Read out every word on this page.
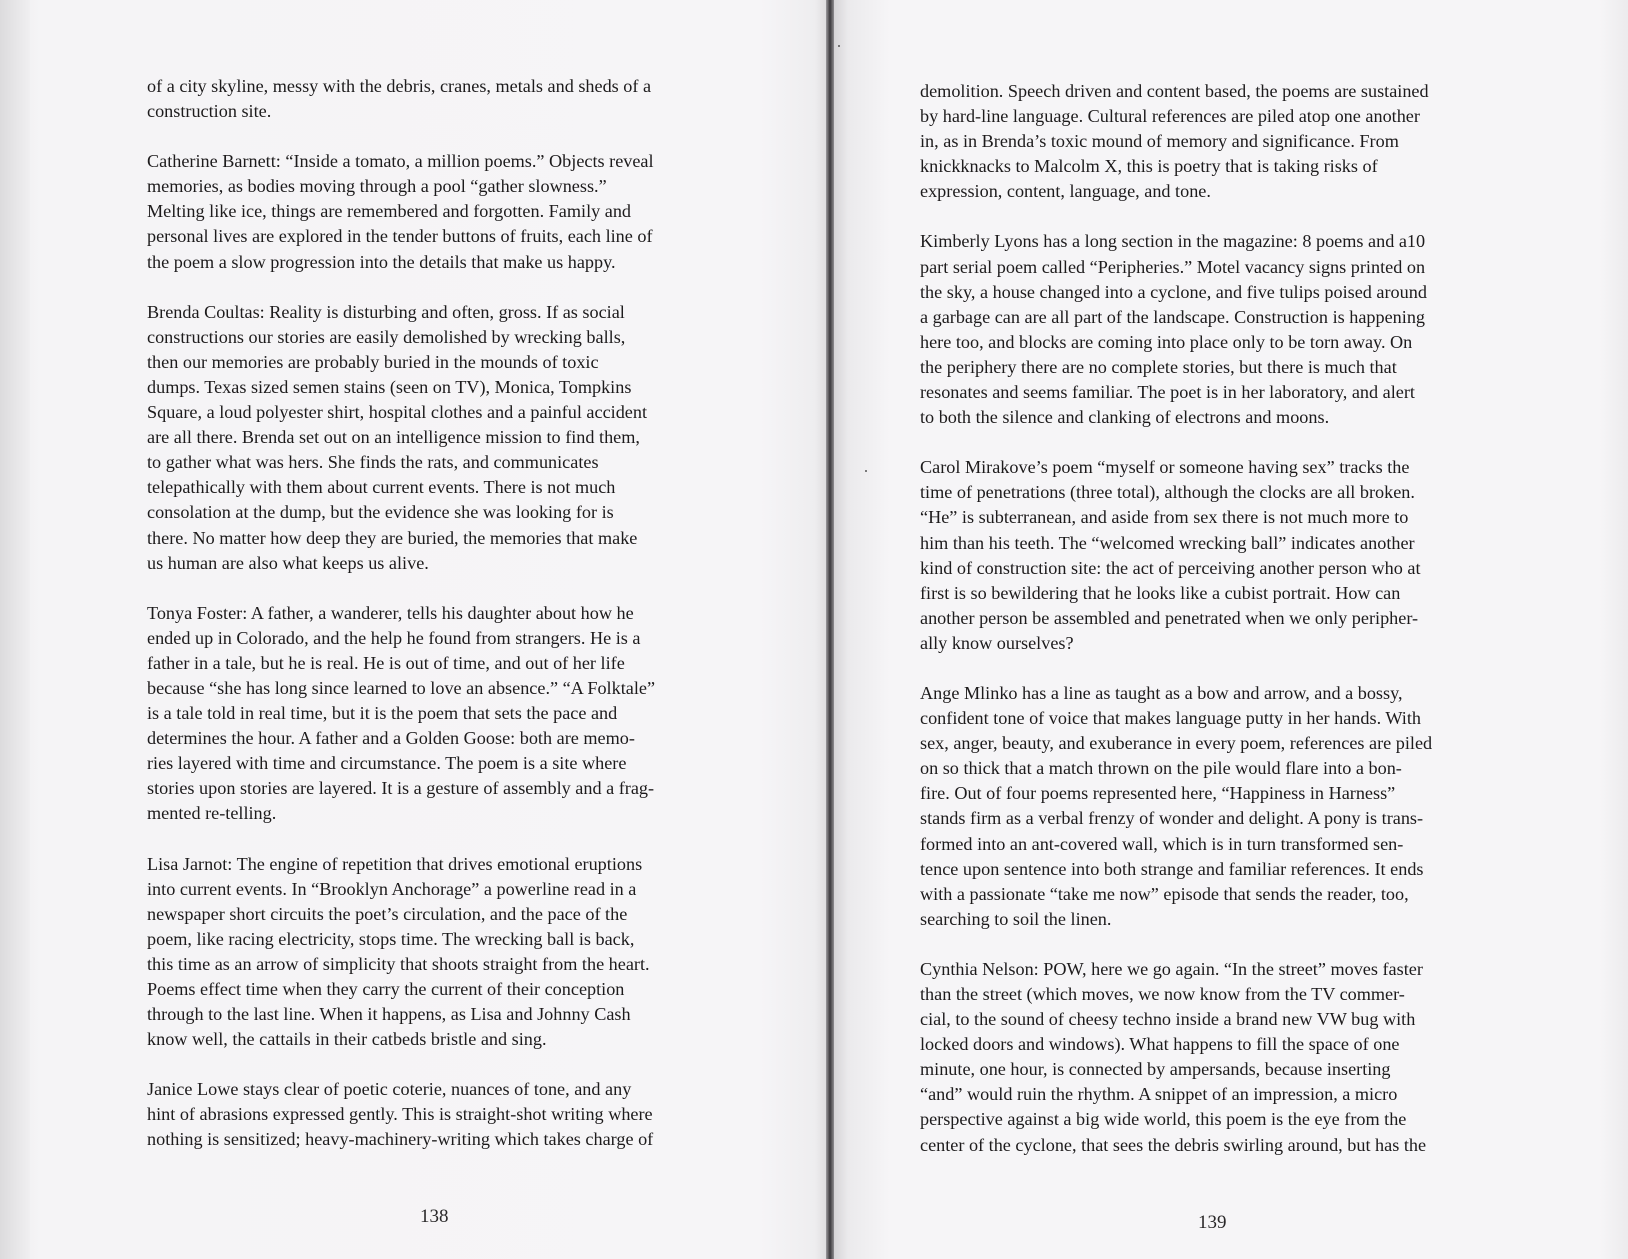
of a city skyline, messy with the debris, cranes, metals and sheds of a
construction site.

Catherine Barnett: “Inside a tomato, a million poems.” Objects reveal
memories, as bodies moving through a pool “gather slowness.”
Melting like ice, things are remembered and forgotten. Family and
personal lives are explored in the tender buttons of fruits, each line of
the poem a slow progression into the details that make us happy.

Brenda Coultas: Reality is disturbing and often, gross. If as social
constructions our stories are easily demolished by wrecking balls,
then our memories are probably buried in the mounds of toxic
dumps. Texas sized semen stains (seen on TV), Monica, Tompkins
Square, a loud polyester shirt, hospital clothes and a painful accident
are all there. Brenda set out on an intelligence mission to find them,
to gather what was hers. She finds the rats, and communicates
telepathically with them about current events. There is not much
consolation at the dump, but the evidence she was looking for is
there. No matter how deep they are buried, the memories that make
us human are also what keeps us alive.

Tonya Foster: A father, a wanderer, tells his daughter about how he
ended up in Colorado, and the help he found from strangers. He is a
father in a tale, but he is real. He is out of time, and out of her life
because “she has long since learned to love an absence.” “A Folktale”
is a tale told in real time, but it is the poem that sets the pace and
determines the hour. A father and a Golden Goose: both are memo-
ries layered with time and circumstance. The poem is a site where
stories upon stories are layered. It is a gesture of assembly and a frag-
mented re-telling.

Lisa Jarnot: The engine of repetition that drives emotional eruptions
into current events. In “Brooklyn Anchorage” a powerline read in a
newspaper short circuits the poet’s circulation, and the pace of the
poem, like racing electricity, stops time. The wrecking ball is back,
this time as an arrow of simplicity that shoots straight from the heart.
Poems effect time when they carry the current of their conception
through to the last line. When it happens, as Lisa and Johnny Cash
know well, the cattails in their catbeds bristle and sing.

Janice Lowe stays clear of poetic coterie, nuances of tone, and any
hint of abrasions expressed gently. This is straight-shot writing where
nothing is sensitized; heavy-machinery-writing which takes charge of

138

demolition. Speech driven and content based, the poems are sustained
by hard-line language. Cultural references are piled atop one another
in, as in Brenda’s toxic mound of memory and significance. From
knickknacks to Malcolm X, this is poetry that is taking risks of
expression, content, language, and tone.

Kimberly Lyons has a long section in the magazine: 8 poems and a10
part serial poem called “Peripheries.” Motel vacancy signs printed on
the sky, a house changed into a cyclone, and five tulips poised around
a garbage can are all part of the landscape. Construction is happening
here too, and blocks are coming into place only to be torn away. On
the periphery there are no complete stories, but there is much that
resonates and seems familiar. The poet is in her laboratory, and alert
to both the silence and clanking of electrons and moons.

Carol Mirakove’s poem “myself or someone having sex” tracks the
time of penetrations (three total), although the clocks are all broken.
“He” is subterranean, and aside from sex there is not much more to
him than his teeth. The “welcomed wrecking ball” indicates another
kind of construction site: the act of perceiving another person who at
first is so bewildering that he looks like a cubist portrait. How can
another person be assembled and penetrated when we only peripher-
ally know ourselves?

Ange Mlinko has a line as taught as a bow and arrow, and a bossy,
confident tone of voice that makes language putty in her hands. With
sex, anger, beauty, and exuberance in every poem, references are piled
on so thick that a match thrown on the pile would flare into a bon-
fire. Out of four poems represented here, “Happiness in Harness”
stands firm as a verbal frenzy of wonder and delight. A pony is trans-
formed into an ant-covered wall, which is in turn transformed sen-
tence upon sentence into both strange and familiar references. It ends
with a passionate “take me now” episode that sends the reader, too,
searching to soil the linen.

Cynthia Nelson: POW, here we go again. “In the street” moves faster
than the street (which moves, we now know from the TV commer-
cial, to the sound of cheesy techno inside a brand new VW bug with
locked doors and windows). What happens to fill the space of one
minute, one hour, is connected by ampersands, because inserting
“and” would ruin the rhythm. A snippet of an impression, a micro
perspective against a big wide world, this poem is the eye from the
center of the cyclone, that sees the debris swirling around, but has the

139
